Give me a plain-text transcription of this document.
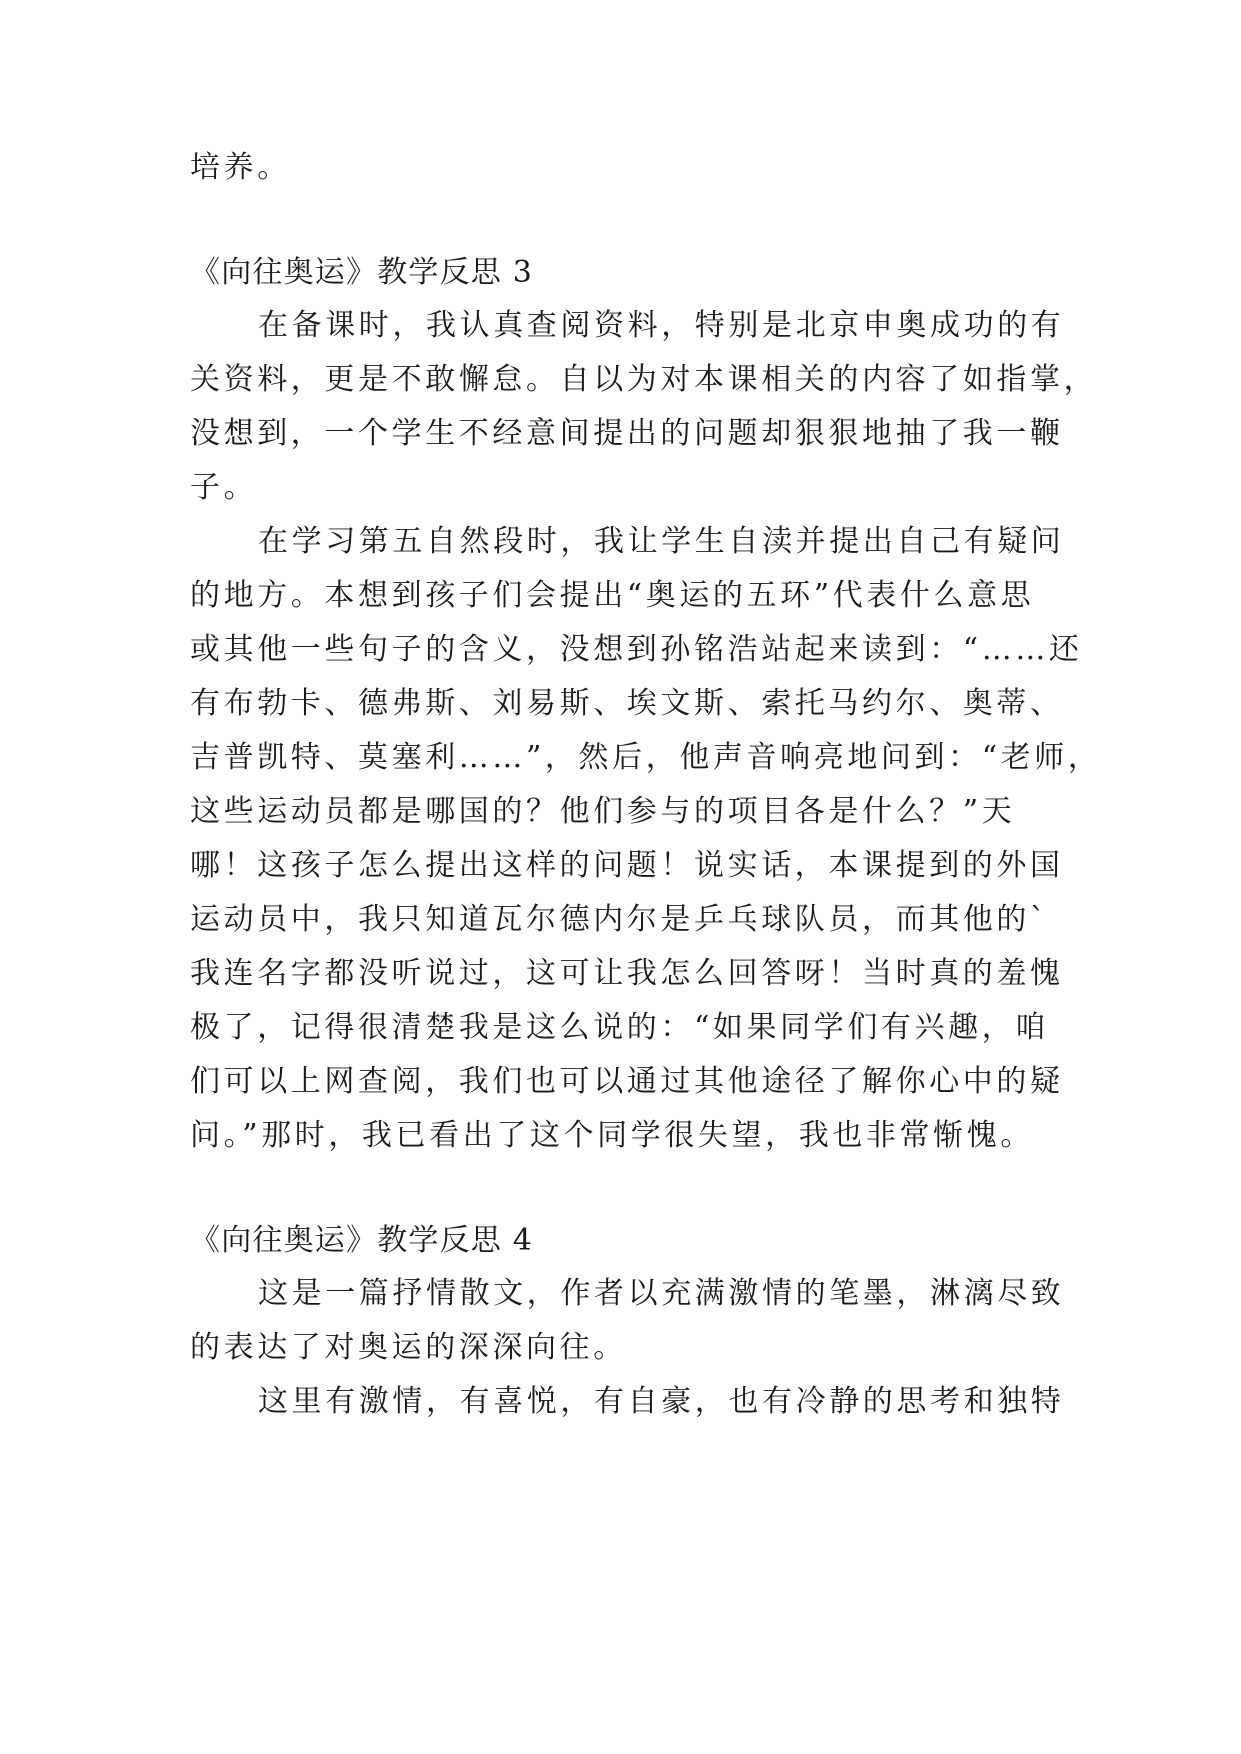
培养。
《向往奥运》教学反思 3
在备课时，我认真查阅资料，特别是北京申奥成功的有
关资料，更是不敢懈怠。自以为对本课相关的内容了如指掌，
没想到，一个学生不经意间提出的问题却狠狠地抽了我一鞭
子。
在学习第五自然段时，我让学生自渎并提出自己有疑问
的地方。本想到孩子们会提出“奥运的五环”代表什么意思
或其他一些句子的含义，没想到孙铭浩站起来读到：“……还
有布勃卡、德弗斯、刘易斯、埃文斯、索托马约尔、奥蒂、
吉普凯特、莫塞利……”，然后，他声音响亮地问到：“老师，
这些运动员都是哪国的？他们参与的项目各是什么？”天
哪！这孩子怎么提出这样的问题！说实话，本课提到的外国
运动员中，我只知道瓦尔德内尔是乒乓球队员，而其他的`
我连名字都没听说过，这可让我怎么回答呀！当时真的羞愧
极了，记得很清楚我是这么说的：“如果同学们有兴趣，咱
们可以上网查阅，我们也可以通过其他途径了解你心中的疑
问。”那时，我已看出了这个同学很失望，我也非常惭愧。
《向往奥运》教学反思 4
这是一篇抒情散文，作者以充满激情的笔墨，淋漓尽致
的表达了对奥运的深深向往。
这里有激情，有喜悦，有自豪，也有冷静的思考和独特
